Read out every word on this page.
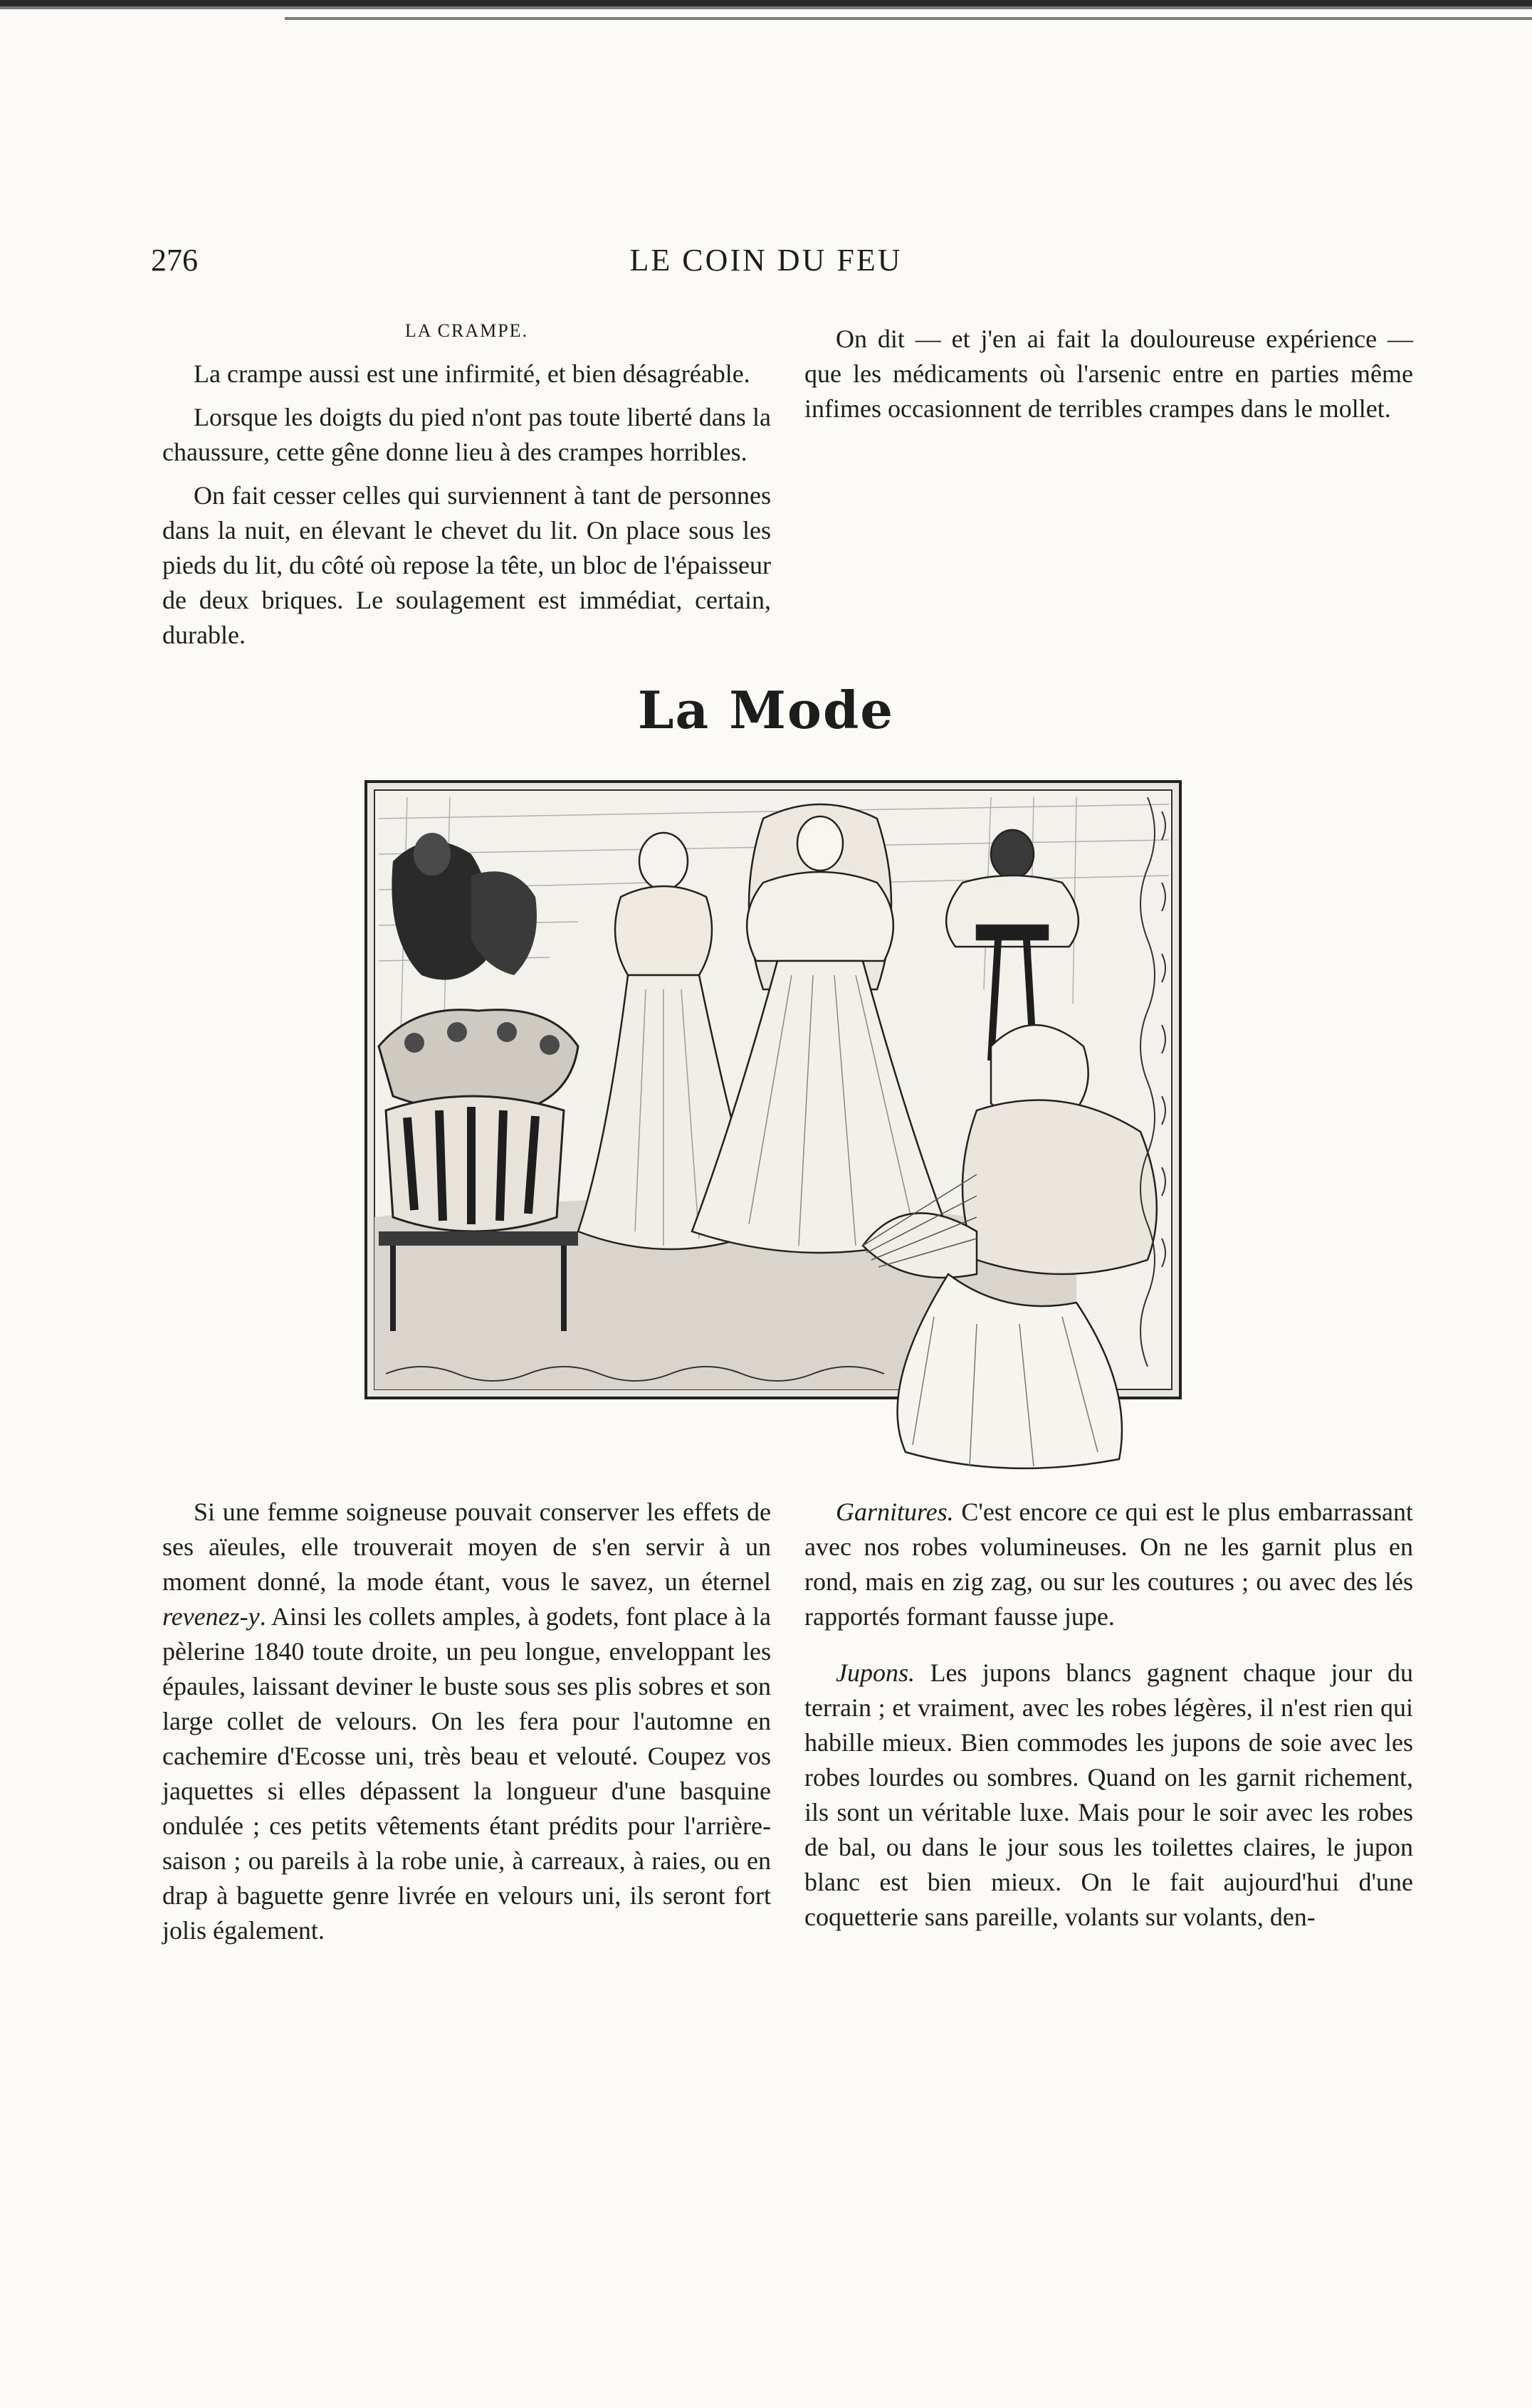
276	LE COIN DU FEU
LA CRAMPE.

La crampe aussi est une infirmité, et bien désagréable.

Lorsque les doigts du pied n'ont pas toute liberté dans la chaussure, cette gêne donne lieu à des crampes horribles.

On fait cesser celles qui surviennent à tant de personnes dans la nuit, en élevant le chevet du lit. On place sous les pieds du lit, du côté où repose la tête, un bloc de l'épaisseur de deux briques. Le soulagement est immédiat, certain, durable.

On dit — et j'en ai fait la douloureuse expérience — que les médicaments où l'arsenic entre en parties même infimes occasionnent de terribles crampes dans le mollet.

La Mode

Si une femme soigneuse pouvait conserver les effets de ses aïeules, elle trouverait moyen de s'en servir à un moment donné, la mode étant, vous le savez, un éternel revenez-y. Ainsi les collets amples, à godets, font place à la pèlerine 1840 toute droite, un peu longue, enveloppant les épaules, laissant deviner le buste sous ses plis sobres et son large collet de velours. On les fera pour l'automne en cachemire d'Ecosse uni, très beau et velouté. Coupez vos jaquettes si elles dépassent la longueur d'une basquine ondulée ; ces petits vêtements étant prédits pour l'arrière-saison ; ou pareils à la robe unie, à carreaux, à raies, ou en drap à baguette genre livrée en velours uni, ils seront fort jolis également.

Garnitures. C'est encore ce qui est le plus embarrassant avec nos robes volumineuses. On ne les garnit plus en rond, mais en zig zag, ou sur les coutures ; ou avec des lés rapportés formant fausse jupe.

Jupons. Les jupons blancs gagnent chaque jour du terrain ; et vraiment, avec les robes légères, il n'est rien qui habille mieux. Bien commodes les jupons de soie avec les robes lourdes ou sombres. Quand on les garnit richement, ils sont un véritable luxe. Mais pour le soir avec les robes de bal, ou dans le jour sous les toilettes claires, le jupon blanc est bien mieux. On le fait aujourd'hui d'une coquetterie sans pareille, volants sur volants, den-
